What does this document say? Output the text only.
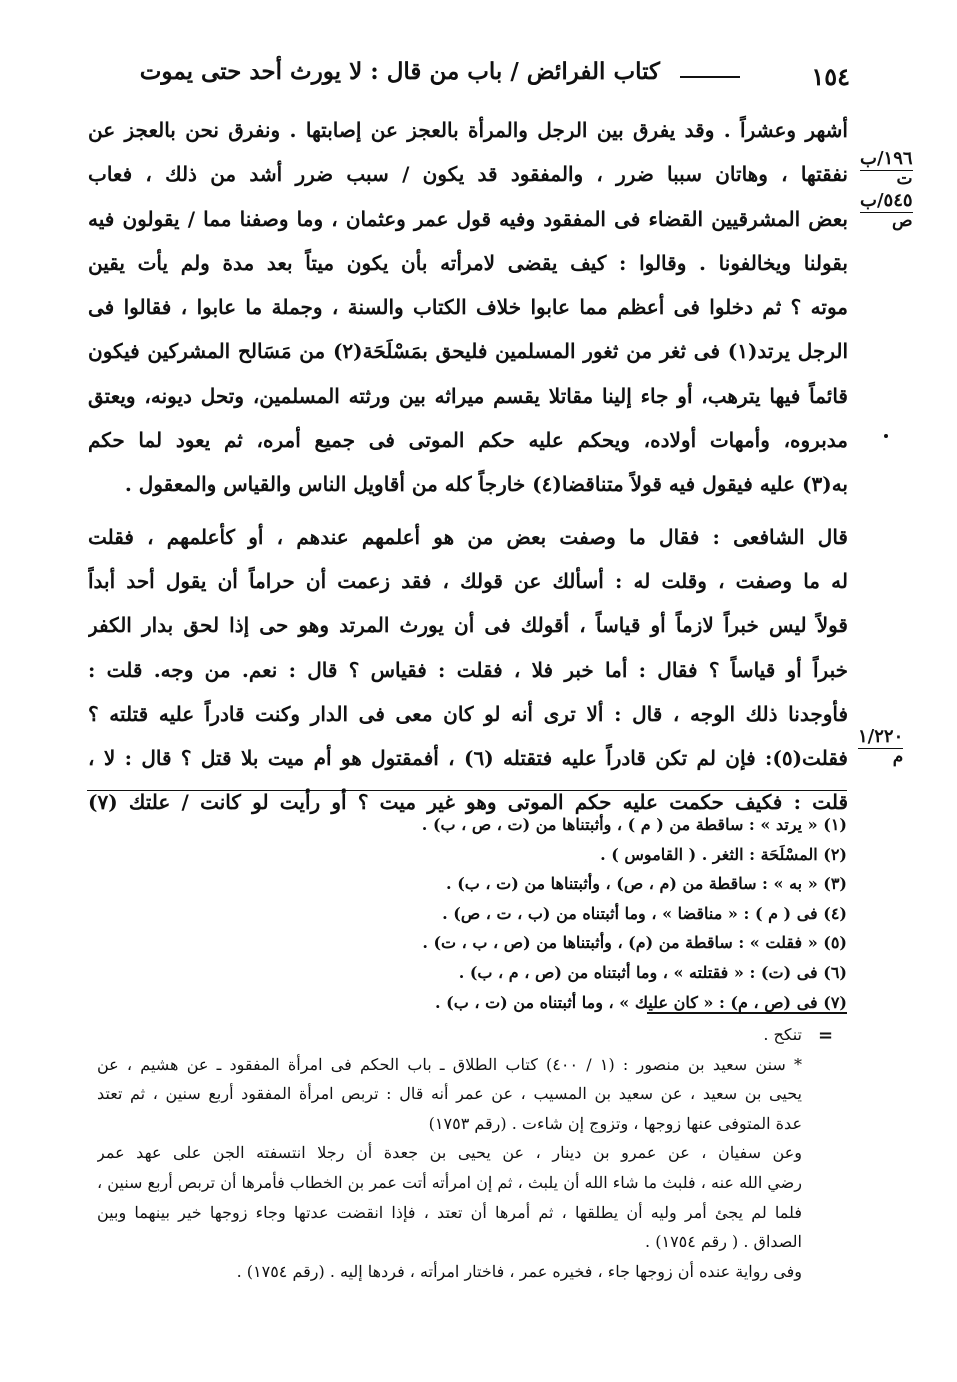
١٥٤
كتاب الفرائض / باب من قال : لا يورث أحد حتى يموت
١٩٦/ب
ت
٥٤٥/ب
ص
١/٢٢٠
م
أشهر وعشراً . وقد يفرق بين الرجل والمرأة بالعجز عن إصابتها . ونفرق نحن بالعجز عن
نفقتها ، وهاتان سببا ضرر ، والمفقود قد يكون / سبب ضرر أشد من ذلك ، فعاب
بعض المشرقيين القضاء فى المفقود وفيه قول عمر وعثمان ، وما وصفنا مما / يقولون فيه
بقولنا ويخالفونا . وقالوا : كيف يقضى لامرأته بأن يكون ميتاً بعد مدة ولم يأت يقين
موته ؟ ثم دخلوا فى أعظم مما عابوا خلاف الكتاب والسنة ، وجملة ما عابوا ، فقالوا فى
الرجل يرتد(١) فى ثغر من ثغور المسلمين فليحق بمَسْلَحَة(٢) من مَسَالح المشركين فيكون
قائماً فيها يترهب، أو جاء إلينا مقاتلا يقسم ميراثه بين ورثته المسلمين، وتحل ديونه، ويعتق
مدبروه، وأمهات أولاده، ويحكم عليه حكم الموتى فى جميع أمره، ثم يعود لما حكم
به(٣) عليه فيقول فيه قولاً متناقضا(٤) خارجاً كله من أقاويل الناس والقياس والمعقول .
قال الشافعى : فقال ما وصفت بعض من هو أعلمهم عندهم ، أو كأعلمهم ، فقلت
له ما وصفت ، وقلت له : أسألك عن قولك ، فقد زعمت أن حراماً أن يقول أحد أبداً
قولاً ليس خبراً لازماً أو قياساً ، أقولك فى أن يورث المرتد وهو حى إذا لحق بدار الكفر
خبراً أو قياساً ؟ فقال : أما خبر فلا ، فقلت : فقياس ؟ قال : نعم. من وجه. قلت :
فأوجدنا ذلك الوجه ، قال : ألا ترى أنه لو كان معى فى الدار وكنت قادراً عليه قتلته ؟
فقلت(٥): فإن لم تكن قادراً عليه فتقتله (٦) ، أفمقتول هو أم ميت بلا قتل ؟ قال : لا ،
قلت : فكيف حكمت عليه حكم الموتى وهو غير ميت ؟ أو رأيت لو كانت / علتك (٧)
(١) « يرتد » : ساقطة من ( م ) ، وأثبتناها من (ت ، ص ، ب) .
(٢) المسْلَحَة : الثغر . ( القاموس ) .
(٣) « به » : ساقطة من (م ، ص) ، وأثبتناها من (ت ، ب) .
(٤) فى ( م ) : « مناقضا » ، وما أثبتناه من (ب ، ت ، ص) .
(٥) « فقلت » : ساقطة من (م) ، وأثبتناها من (ص ، ب ، ت) .
(٦) فى (ت) : « فقتلته » ، وما أثبتناه من (ص ، م ، ب) .
(٧) فى (ص ، م) : « كان عليك » ، وما أثبتناه من (ت ، ب) .
=
تنكح .
* سنن سعيد بن منصور : (١ / ٤٠٠) كتاب الطلاق ـ باب الحكم فى امرأة المفقود ـ عن هشيم ، عن
يحيى بن سعيد ، عن سعيد بن المسيب ، عن عمر أنه قال : تربص امرأة المفقود أربع سنين ، ثم تعتد
عدة المتوفى عنها زوجها ، وتزوج إن شاءت . (رقم ١٧٥٣)
وعن سفيان ، عن عمرو بن دينار ، عن يحيى بن جعدة أن رجلا انتسفته الجن على عهد عمر
رضي الله عنه ، فلبث ما شاء الله أن يلبث ، ثم إن امرأته أتت عمر بن الخطاب فأمرها أن تربص أربع سنين ،
فلما لم يجئ أمر وليه أن يطلقها ، ثم أمرها أن تعتد ، فإذا انقضت عدتها وجاء زوجها خير بينهما وبين
الصداق . ( رقم ١٧٥٤) .
وفى رواية عنده أن زوجها جاء ، فخيره عمر ، فاختار امرأته ، فردها إليه . (رقم ١٧٥٤) .
